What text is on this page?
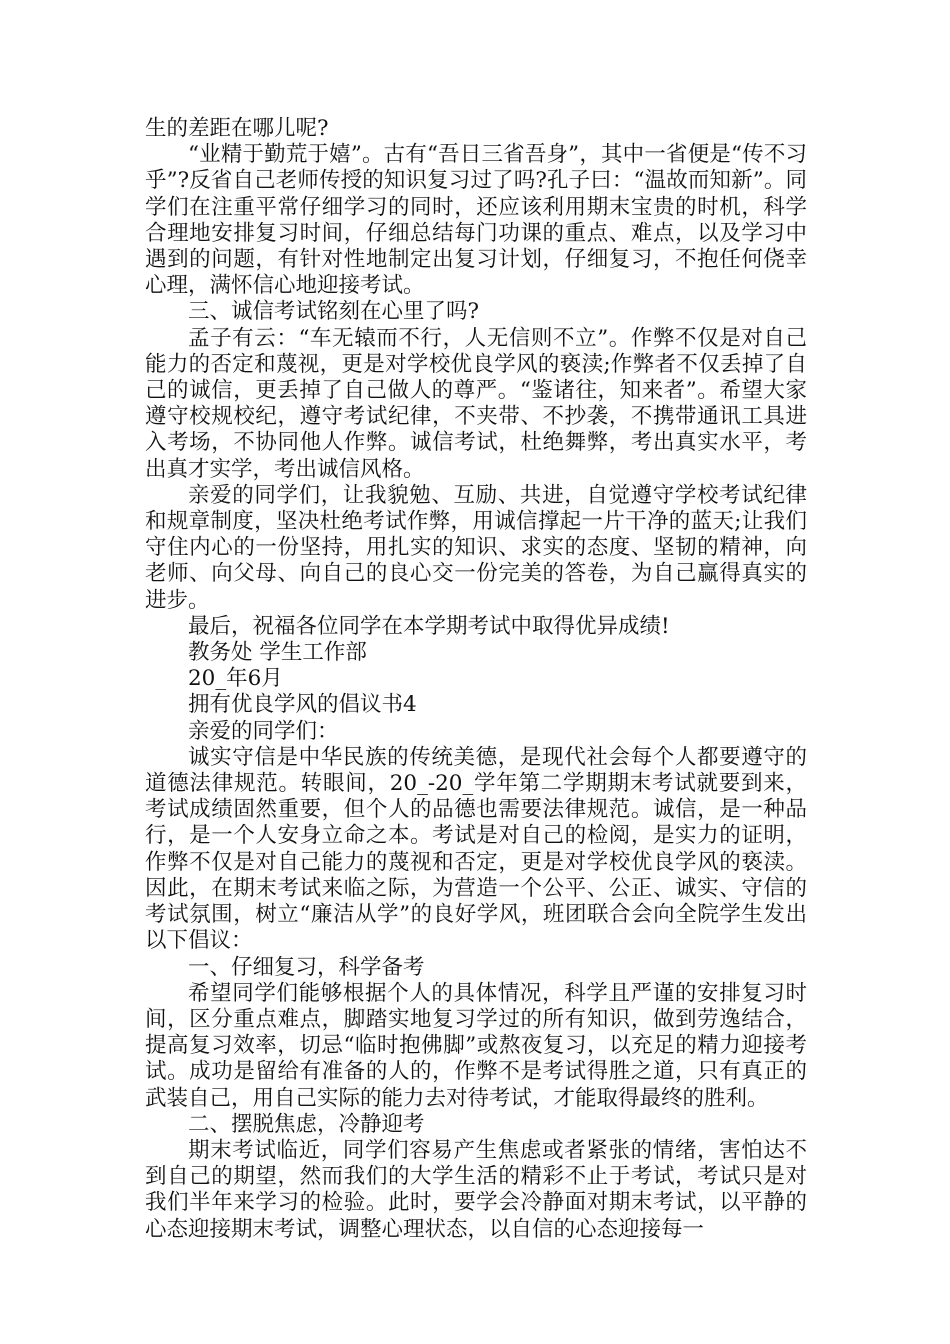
生的差距在哪儿呢?

“业精于勤荒于嬉”。古有“吾日三省吾身”，其中一省便是“传不习乎”?反省自己老师传授的知识复习过了吗?孔子曰：“温故而知新”。同学们在注重平常仔细学习的同时，还应该利用期末宝贵的时机，科学合理地安排复习时间，仔细总结每门功课的重点、难点，以及学习中遇到的问题，有针对性地制定出复习计划，仔细复习，不抱任何侥幸心理，满怀信心地迎接考试。

三、诚信考试铭刻在心里了吗?

孟子有云：“车无辕而不行，人无信则不立”。作弊不仅是对自己能力的否定和蔑视，更是对学校优良学风的亵渎;作弊者不仅丢掉了自己的诚信，更丢掉了自己做人的尊严。“鉴诸往，知来者”。希望大家遵守校规校纪，遵守考试纪律，不夹带、不抄袭，不携带通讯工具进入考场，不协同他人作弊。诚信考试，杜绝舞弊，考出真实水平，考出真才实学，考出诚信风格。

亲爱的同学们，让我貌勉、互励、共进，自觉遵守学校考试纪律和规章制度，坚决杜绝考试作弊，用诚信撑起一片干净的蓝天;让我们守住内心的一份坚持，用扎实的知识、求实的态度、坚韧的精神，向老师、向父母、向自己的良心交一份完美的答卷，为自己赢得真实的进步。

最后，祝福各位同学在本学期考试中取得优异成绩!

教务处 学生工作部

20_年6月

拥有优良学风的倡议书4

亲爱的同学们：

诚实守信是中华民族的传统美德，是现代社会每个人都要遵守的道德法律规范。转眼间，20_-20_学年第二学期期末考试就要到来，考试成绩固然重要，但个人的品德也需要法律规范。诚信，是一种品行，是一个人安身立命之本。考试是对自己的检阅，是实力的证明，作弊不仅是对自己能力的蔑视和否定，更是对学校优良学风的亵渎。因此，在期末考试来临之际，为营造一个公平、公正、诚实、守信的考试氛围，树立“廉洁从学”的良好学风，班团联合会向全院学生发出以下倡议：

一、仔细复习，科学备考

希望同学们能够根据个人的具体情况，科学且严谨的安排复习时间，区分重点难点，脚踏实地复习学过的所有知识，做到劳逸结合，提高复习效率，切忌“临时抱佛脚”或熬夜复习，以充足的精力迎接考试。成功是留给有准备的人的，作弊不是考试得胜之道，只有真正的武装自己，用自己实际的能力去对待考试，才能取得最终的胜利。

二、摆脱焦虑，冷静迎考

期末考试临近，同学们容易产生焦虑或者紧张的情绪，害怕达不到自己的期望，然而我们的大学生活的精彩不止于考试，考试只是对我们半年来学习的检验。此时，要学会冷静面对期末考试，以平静的心态迎接期末考试，调整心理状态，以自信的心态迎接每一
